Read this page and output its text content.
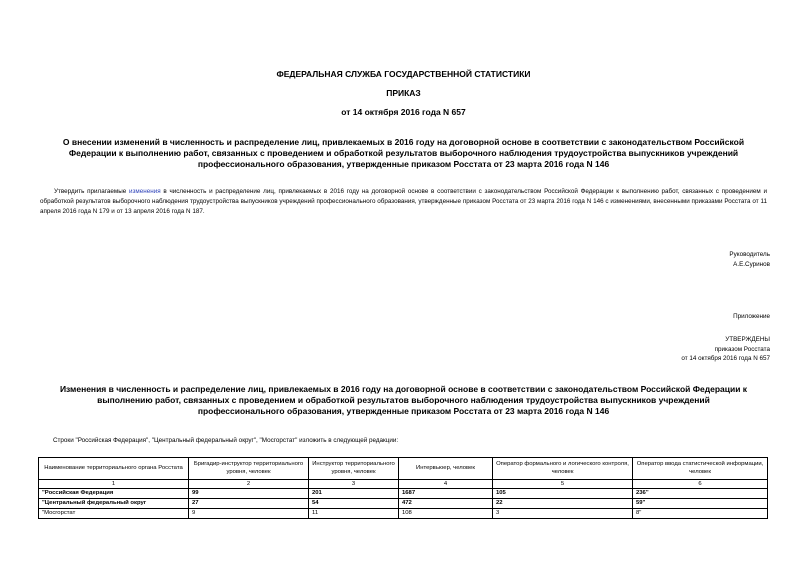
ФЕДЕРАЛЬНАЯ СЛУЖБА ГОСУДАРСТВЕННОЙ СТАТИСТИКИ
ПРИКАЗ
от 14 октября 2016 года N 657
О внесении изменений в численность и распределение лиц, привлекаемых в 2016 году на договорной основе в соответствии с законодательством Российской
Федерации к выполнению работ, связанных с проведением и обработкой результатов выборочного наблюдения трудоустройства выпускников учреждений
профессионального образования, утвержденные приказом Росстата от 23 марта 2016 года N 146
Утвердить прилагаемые изменения в численность и распределение лиц, привлекаемых в 2016 году на договорной основе в соответствии с законодательством Российской Федерации к выполнению работ, связанных с проведением и обработкой результатов выборочного наблюдения трудоустройства выпускников учреждений профессионального образования, утвержденные приказом Росстата от 23 марта 2016 года N 146 с изменениями, внесенными приказами Росстата от 11 апреля 2016 года N 179 и от 13 апреля 2016 года N 187.
Руководитель
А.Е.Суринов
Приложение
УТВЕРЖДЕНЫ
приказом Росстата
от 14 октября 2016 года N 657
Изменения в численность и распределение лиц, привлекаемых в 2016 году на договорной основе в соответствии с законодательством Российской Федерации к
выполнению работ, связанных с проведением и обработкой результатов выборочного наблюдения трудоустройства выпускников учреждений
профессионального образования, утвержденные приказом Росстата от 23 марта 2016 года N 146
Строки "Российская Федерация", "Центральный федеральный округ", "Мосгорстат" изложить в следующей редакции:
Наименование территориального органа Росстата	Бригадир-инструктор территориального уровня, человек	Инструктор территориального уровня, человек	Интервьюер, человек	Оператор формального и логического контроля, человек	Оператор ввода статистической информации, человек
1	2	3	4	5	6
"Российская Федерация	99	201	1687	105	236"
"Центральный федеральный округ	27	54	472	22	59"
"Мосгорстат	9	11	108	3	8"
